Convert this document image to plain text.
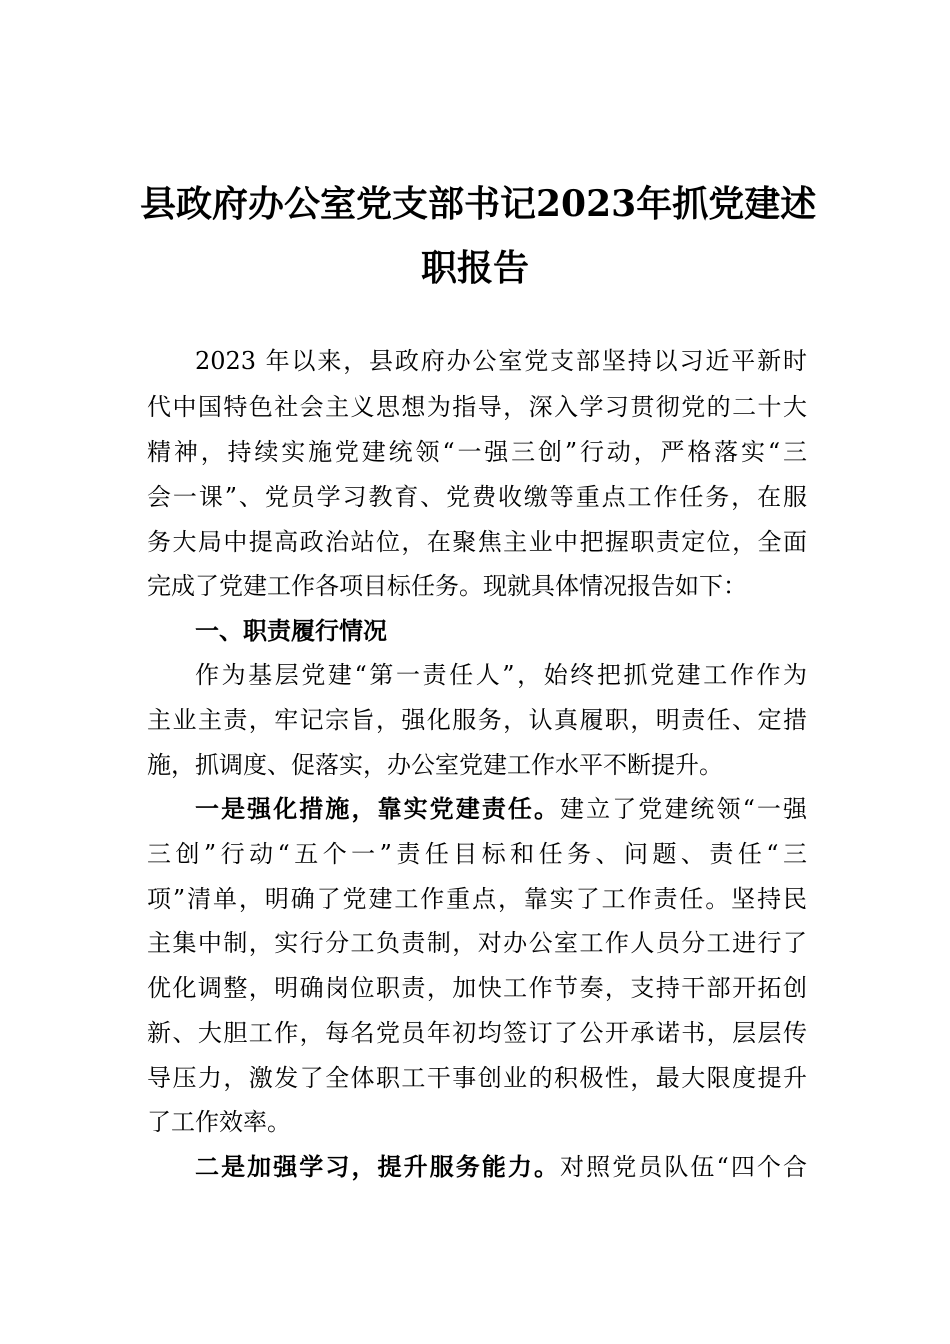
县政府办公室党支部书记2023年抓党建述
职报告
2023 年以来，县政府办公室党支部坚持以习近平新时
代中国特色社会主义思想为指导，深入学习贯彻党的二十大
精神，持续实施党建统领“一强三创”行动，严格落实“三
会一课”、党员学习教育、党费收缴等重点工作任务，在服
务大局中提高政治站位，在聚焦主业中把握职责定位，全面
完成了党建工作各项目标任务。现就具体情况报告如下：
一、职责履行情况
作为基层党建“第一责任人”，始终把抓党建工作作为
主业主责，牢记宗旨，强化服务，认真履职，明责任、定措
施，抓调度、促落实，办公室党建工作水平不断提升。
一是强化措施，靠实党建责任。建立了党建统领“一强
三创”行动“五个一”责任目标和任务、问题、责任“三
项”清单，明确了党建工作重点，靠实了工作责任。坚持民
主集中制，实行分工负责制，对办公室工作人员分工进行了
优化调整，明确岗位职责，加快工作节奏，支持干部开拓创
新、大胆工作，每名党员年初均签订了公开承诺书，层层传
导压力，激发了全体职工干事创业的积极性，最大限度提升
了工作效率。
二是加强学习，提升服务能力。对照党员队伍“四个合
